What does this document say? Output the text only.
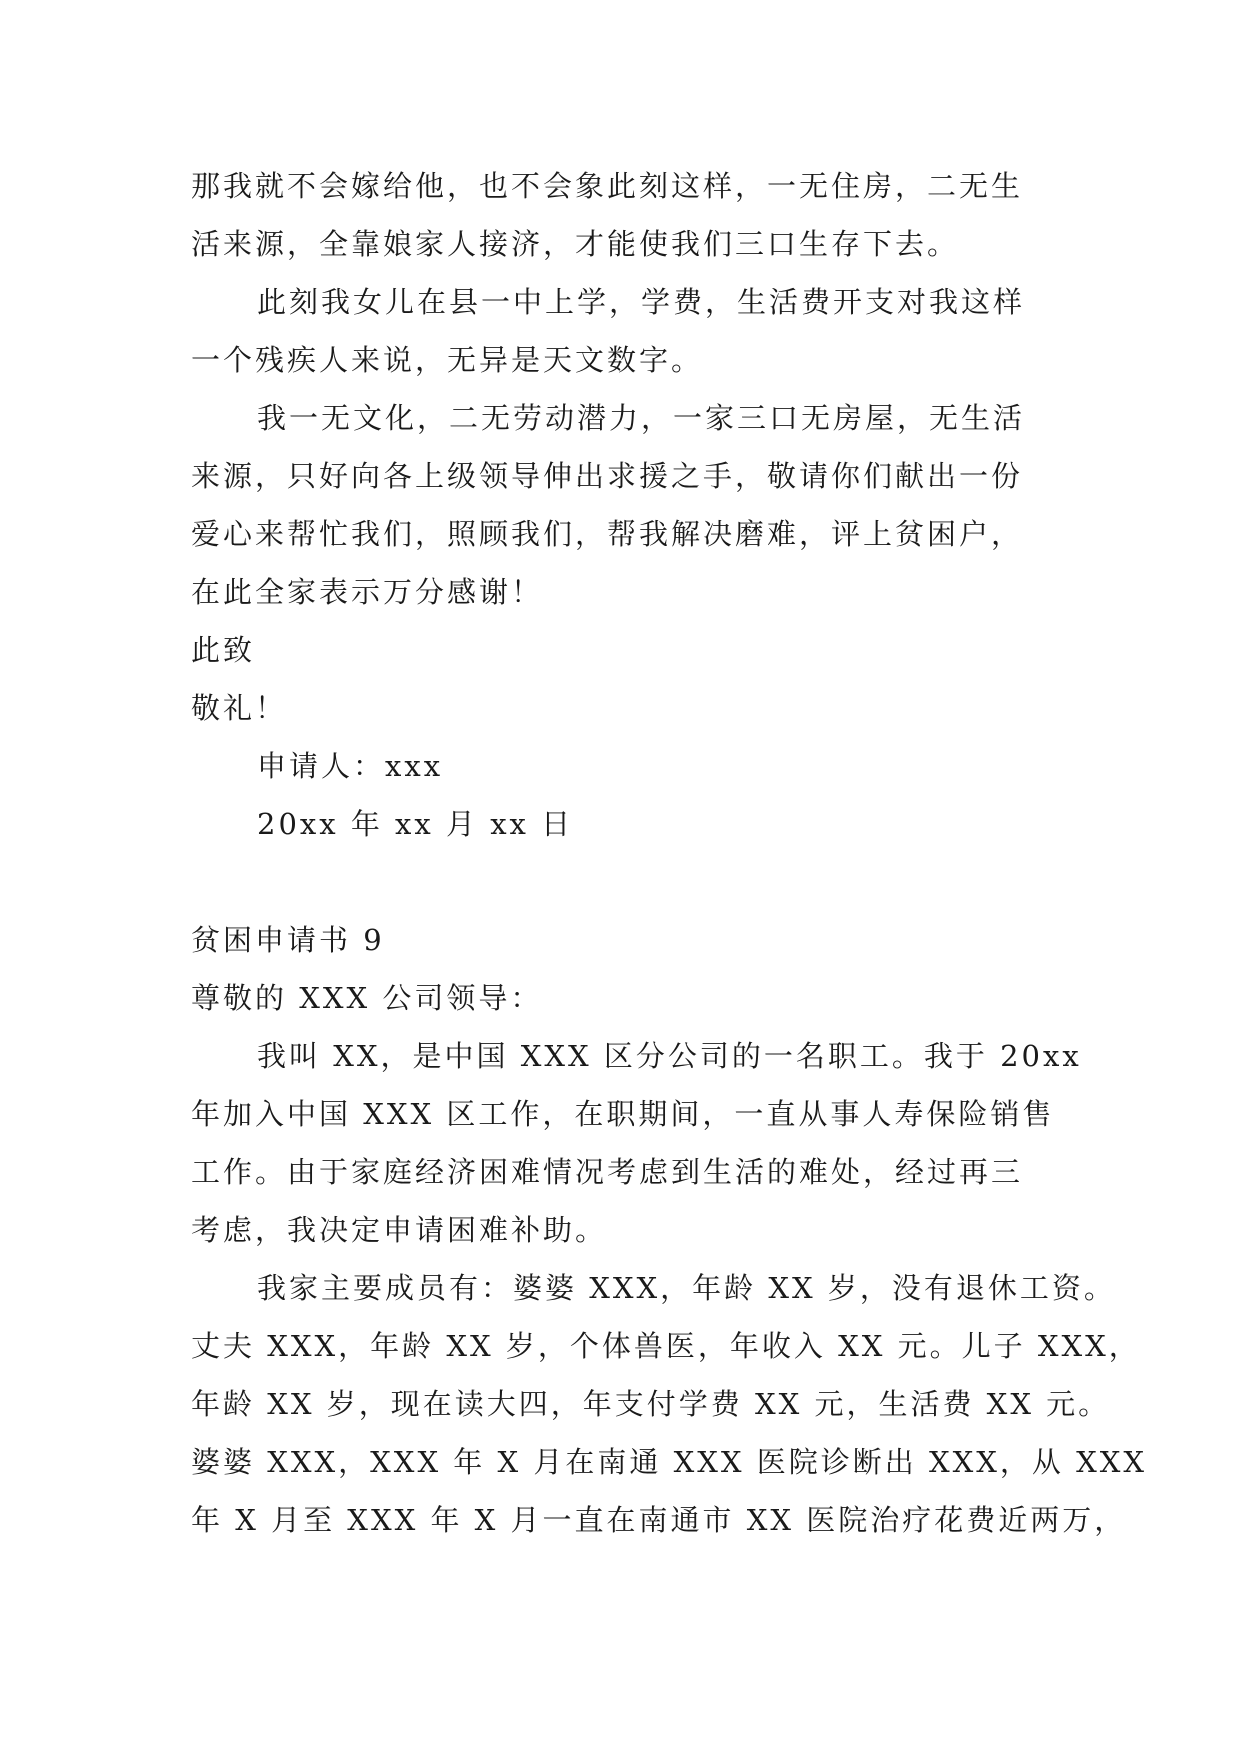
那我就不会嫁给他，也不会象此刻这样，一无住房，二无生
活来源，全靠娘家人接济，才能使我们三口生存下去。
此刻我女儿在县一中上学，学费，生活费开支对我这样
一个残疾人来说，无异是天文数字。
我一无文化，二无劳动潜力，一家三口无房屋，无生活
来源，只好向各上级领导伸出求援之手，敬请你们献出一份
爱心来帮忙我们，照顾我们，帮我解决磨难，评上贫困户，
在此全家表示万分感谢！
此致
敬礼！
申请人：xxx
20xx 年 xx 月 xx 日
贫困申请书 9
尊敬的 XXX 公司领导：
我叫 XX，是中国 XXX 区分公司的一名职工。我于 20xx
年加入中国 XXX 区工作，在职期间，一直从事人寿保险销售
工作。由于家庭经济困难情况考虑到生活的难处，经过再三
考虑，我决定申请困难补助。
我家主要成员有：婆婆 XXX，年龄 XX 岁，没有退休工资。
丈夫 XXX，年龄 XX 岁，个体兽医，年收入 XX 元。儿子 XXX，
年龄 XX 岁，现在读大四，年支付学费 XX 元，生活费 XX 元。
婆婆 XXX，XXX 年 X 月在南通 XXX 医院诊断出 XXX，从 XXX
年 X 月至 XXX 年 X 月一直在南通市 XX 医院治疗花费近两万，
